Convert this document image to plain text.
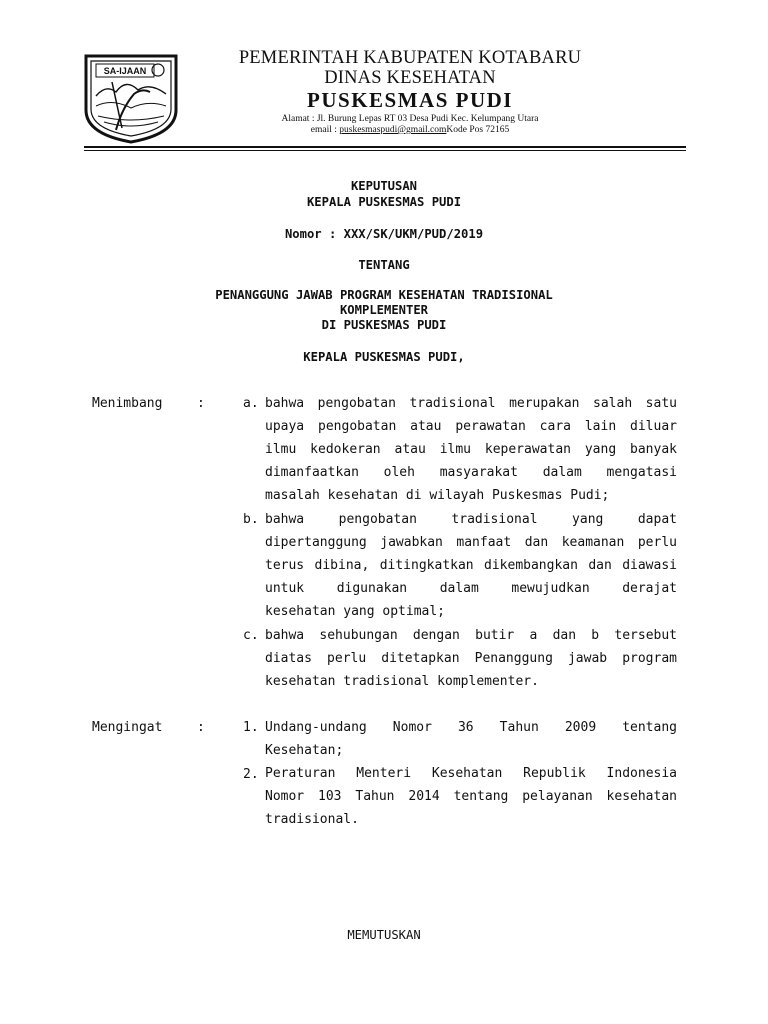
SA-IJAAN
PEMERINTAH KABUPATEN KOTABARU
DINAS KESEHATAN
PUSKESMAS PUDI
Alamat : Jl. Burung Lepas RT 03 Desa Pudi Kec. Kelumpang Utara
email : puskesmaspudi@gmail.comKode Pos 72165
KEPUTUSAN
KEPALA PUSKESMAS PUDI
Nomor : XXX/SK/UKM/PUD/2019
TENTANG
PENANGGUNG JAWAB PROGRAM KESEHATAN TRADISIONAL
KOMPLEMENTER
DI PUSKESMAS PUDI
KEPALA PUSKESMAS PUDI,
Menimbang	:	a. bahwa pengobatan tradisional merupakan salah satu
upaya pengobatan atau perawatan cara lain diluar
ilmu kedokeran atau ilmu keperawatan yang banyak
dimanfaatkan oleh masyarakat dalam mengatasi
masalah kesehatan di wilayah Puskesmas Pudi;
b. bahwa pengobatan tradisional yang dapat
dipertanggung jawabkan manfaat dan keamanan perlu
terus dibina, ditingkatkan dikembangkan dan diawasi
untuk digunakan dalam mewujudkan derajat
kesehatan yang optimal;
c. bahwa sehubungan dengan butir a dan b tersebut
diatas perlu ditetapkan Penanggung jawab program
kesehatan tradisional komplementer.
Mengingat	:	1. Undang-undang Nomor 36 Tahun 2009 tentang
Kesehatan;
2. Peraturan Menteri Kesehatan Republik Indonesia
Nomor 103 Tahun 2014 tentang pelayanan kesehatan
tradisional.
MEMUTUSKAN
